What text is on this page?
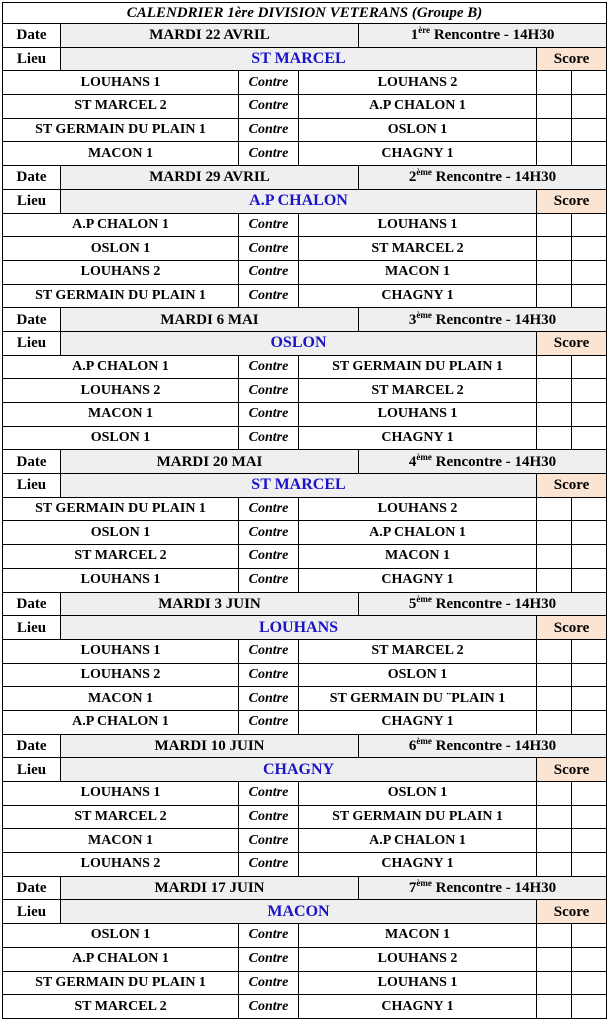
CALENDRIER 1ère DIVISION VETERANS (Groupe B)						
Date	MARDI 22 AVRIL			1ère Rencontre - 14H30		
Lieu	ST MARCEL				Score	
LOUHANS 1		Contre	LOUHANS 2			
ST MARCEL 2		Contre	A.P CHALON 1			
ST GERMAIN DU PLAIN 1		Contre	OSLON 1			
MACON 1		Contre	CHAGNY 1			
Date	MARDI 29 AVRIL			2ème Rencontre - 14H30		
Lieu	A.P CHALON				Score	
A.P CHALON 1		Contre	LOUHANS 1			
OSLON 1		Contre	ST MARCEL 2			
LOUHANS 2		Contre	MACON 1			
ST GERMAIN DU PLAIN 1		Contre	CHAGNY 1			
Date	MARDI 6 MAI			3ème Rencontre - 14H30		
Lieu	OSLON				Score	
A.P CHALON 1		Contre	ST GERMAIN DU PLAIN 1			
LOUHANS 2		Contre	ST MARCEL 2			
MACON 1		Contre	LOUHANS 1			
OSLON 1		Contre	CHAGNY 1			
Date	MARDI 20 MAI			4ème Rencontre - 14H30		
Lieu	ST MARCEL				Score	
ST GERMAIN DU PLAIN 1		Contre	LOUHANS 2			
OSLON 1		Contre	A.P CHALON 1			
ST MARCEL 2		Contre	MACON 1			
LOUHANS 1		Contre	CHAGNY 1			
Date	MARDI 3 JUIN			5ème Rencontre - 14H30		
Lieu	LOUHANS				Score	
LOUHANS 1		Contre	ST MARCEL 2			
LOUHANS 2		Contre	OSLON 1			
MACON 1		Contre	ST GERMAIN DU ¨PLAIN 1			
A.P CHALON 1		Contre	CHAGNY 1			
Date	MARDI 10 JUIN			6ème Rencontre - 14H30		
Lieu	CHAGNY				Score	
LOUHANS 1		Contre	OSLON 1			
ST MARCEL 2		Contre	ST GERMAIN DU PLAIN 1			
MACON 1		Contre	A.P CHALON 1			
LOUHANS 2		Contre	CHAGNY 1			
Date	MARDI 17 JUIN			7ème Rencontre - 14H30		
Lieu	MACON				Score	
OSLON 1		Contre	MACON 1			
A.P CHALON 1		Contre	LOUHANS 2			
ST GERMAIN DU PLAIN 1		Contre	LOUHANS 1			
ST MARCEL 2		Contre	CHAGNY 1			
